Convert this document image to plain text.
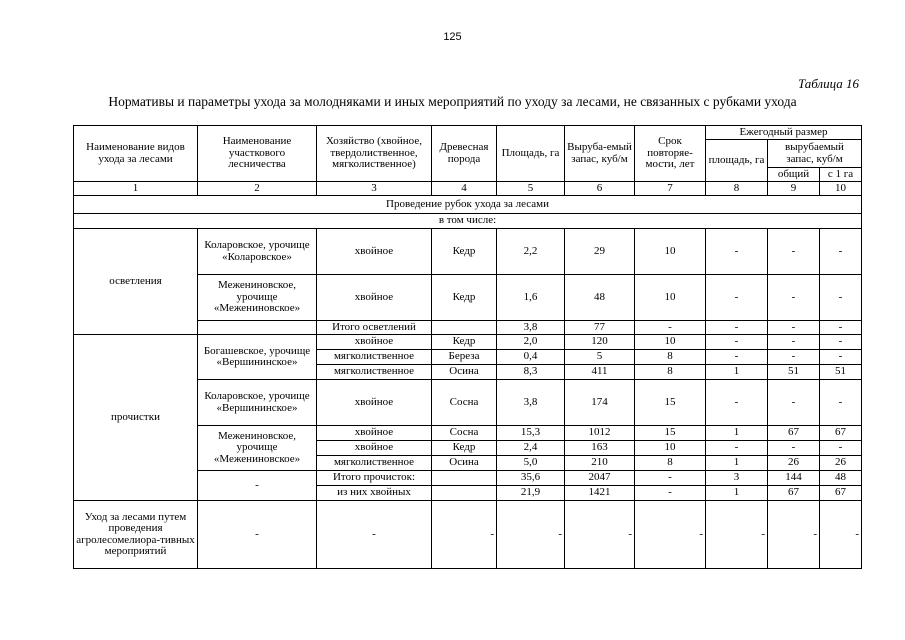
125
Таблица 16
Нормативы и параметры ухода за молодняками и иных мероприятий по уходу за лесами, не связанных с рубками ухода
Наименование видов ухода за лесами	Наименование участкового лесничества	Хозяйство (хвойное, твердолиственное, мягколиственное)	Древесная порода	Площадь, га	Выруба-емый запас, куб/м	Срок повторяе-мости, лет	Ежегодный размер		
							площадь, га	вырубаемый запас, куб/м	
								общий	с 1 га
1	2	3	4	5	6	7	8	9	10
Проведение рубок ухода за лесами									
в том числе:									
осветления	Коларовское, урочище «Коларовское»	хвойное	Кедр	2,2	29	10	-	-	-
	Межениновское, урочище «Межениновское»	хвойное	Кедр	1,6	48	10	-	-	-
		Итого осветлений		3,8	77	-	-	-	-
прочистки	Богашевское, урочище «Вершининское»	хвойное	Кедр	2,0	120	10	-	-	-
		мягколиственное	Береза	0,4	5	8	-	-	-
		мягколиственное	Осина	8,3	411	8	1	51	51
	Коларовское, урочище «Вершининское»	хвойное	Сосна	3,8	174	15	-	-	-
	Межениновское, урочище «Межениновское»	хвойное	Сосна	15,3	1012	15	1	67	67
		хвойное	Кедр	2,4	163	10	-	-	-
		мягколиственное	Осина	5,0	210	8	1	26	26
	-	Итого прочисток:		35,6	2047	-	3	144	48
		из них хвойных		21,9	1421	-	1	67	67
Уход за лесами путем проведения агролесомелиора-тивных мероприятий	-	-	-	-	-	-	-	-	-
